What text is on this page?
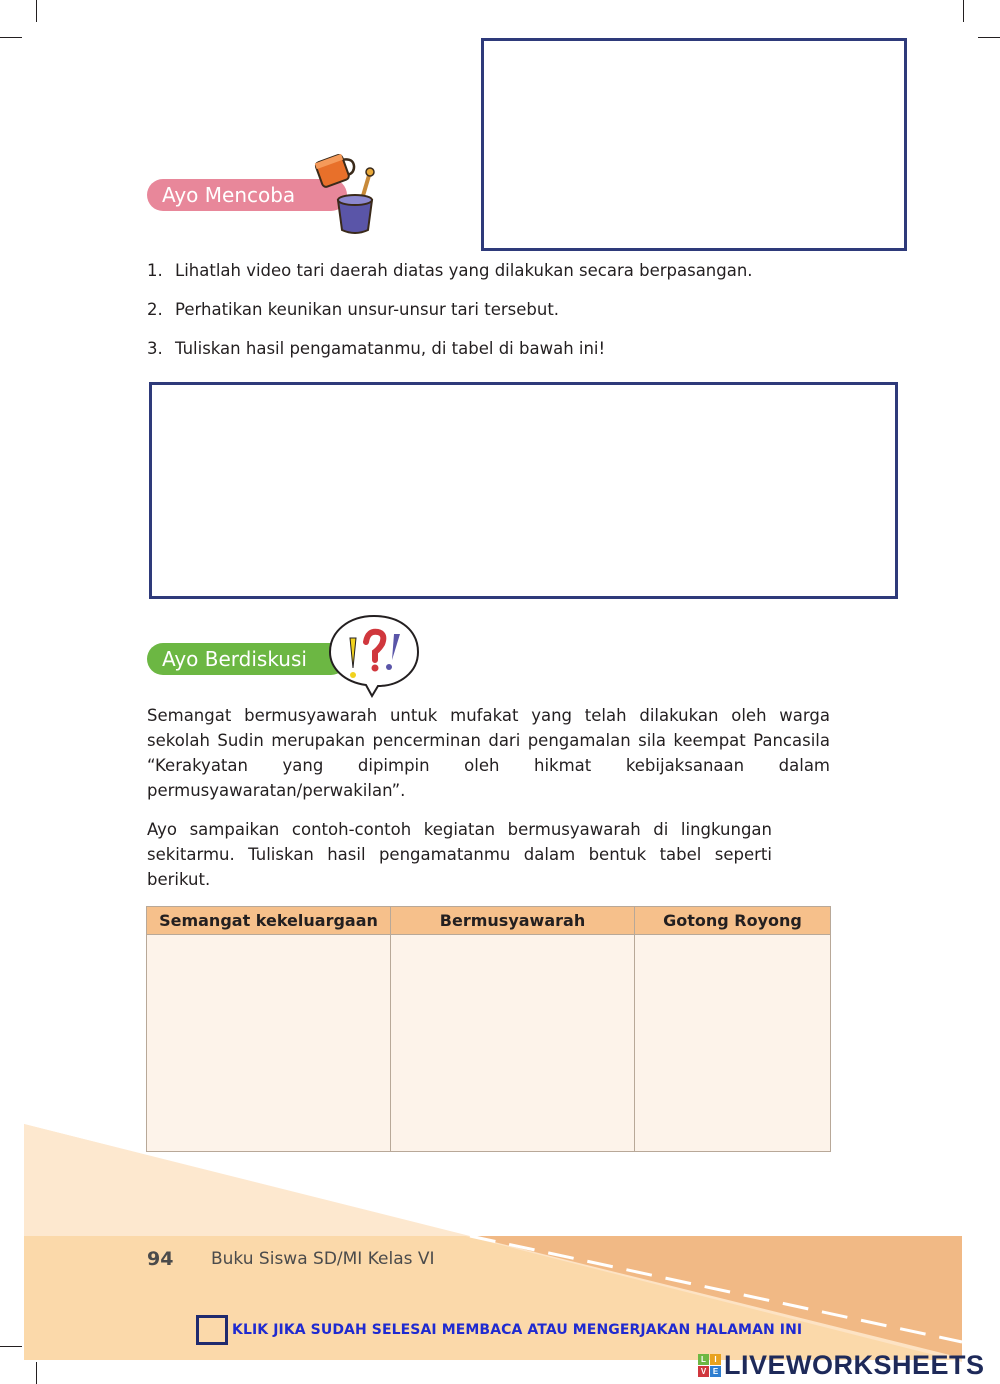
Ayo Mencoba
1. Lihatlah video tari daerah diatas yang dilakukan secara berpasangan.
2. Perhatikan keunikan unsur-unsur tari tersebut.
3. Tuliskan hasil pengamatanmu, di tabel di bawah ini!
Ayo Berdiskusi

Semangat bermusyawarah untuk mufakat yang telah dilakukan oleh warga sekolah Sudin merupakan pencerminan dari pengamalan sila keempat Pancasila “Kerakyatan yang dipimpin oleh hikmat kebijaksanaan dalam permusyawaratan/perwakilan”.

Ayo sampaikan contoh-contoh kegiatan bermusyawarah di lingkungan sekitarmu. Tuliskan hasil pengamatanmu dalam bentuk tabel seperti berikut.

Semangat kekeluargaan	Bermusyawarah	Gotong Royong

94 Buku Siswa SD/MI Kelas VI
KLIK JIKA SUDAH SELESAI MEMBACA ATAU MENGERJAKAN HALAMAN INI
L	I
V E LIVEWORKSHEETS
